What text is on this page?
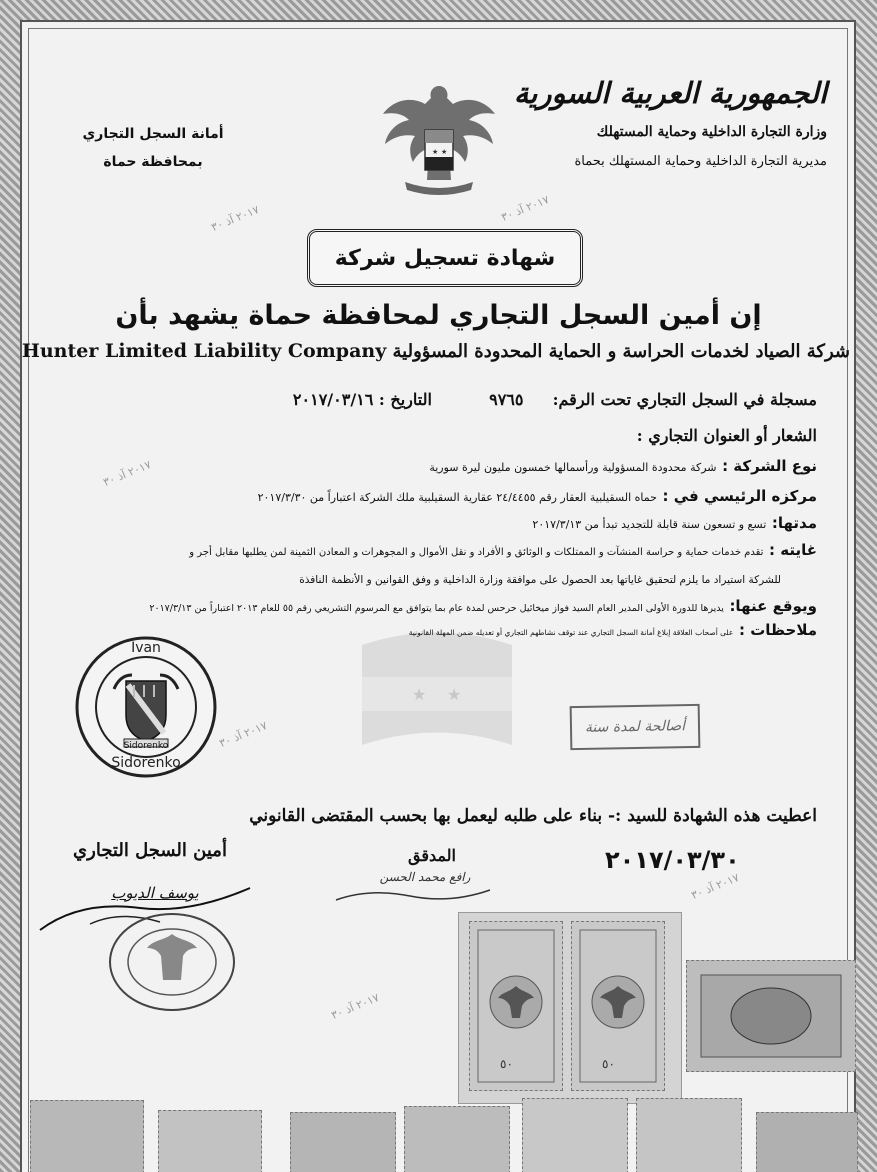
★ ★
الجمهورية العربية السورية
وزارة التجارة الداخلية وحماية المستهلك
مديرية التجارة الداخلية وحماية المستهلك بحماة
★ ★
أمانة السجل التجاري
بمحافظة حماة
٢٠١٧ آذ ٣٠	٢٠١٧ آذ ٣٠
٢٠١٧ آذ ٣٠
٢٠١٧ آذ ٣٠
٢٠١٧ آذ ٣٠
٢٠١٧ آذ ٣٠
شهادة تسجيل شركة
إن أمين السجل التجاري لمحافظة حماة يشهد بأن
شركة الصياد لخدمات الحراسة و الحماية المحدودة المسؤولية Hunter Limited Liability Company
مسجلة في السجل التجاري تحت الرقم:  ٩٧٦٥  التاريخ : ٢٠١٧/٠٣/١٦
الشعار أو العنوان التجاري :
نوع الشركة : شركة محدودة المسؤولية ورأسمالها خمسون مليون ليرة سورية
مركزه الرئيسي في : حماه السقيلبية العقار رقم ٢٤/٤٤٥٥ عقارية السقيلبية ملك الشركة اعتباراً من ٢٠١٧/٣/٣٠
مدتها: تسع و تسعون سنة قابلة للتجديد تبدأ من ٢٠١٧/٣/١٣
غايته : تقدم خدمات حماية و حراسة المنشآت و الممتلكات و الوثائق و الأفراد و نقل الأموال و المجوهرات و المعادن الثمينة لمن يطلبها مقابل أجر و
للشركة استيراد ما يلزم لتحقيق غاياتها بعد الحصول على موافقة وزارة الداخلية و وفق القوانين و الأنظمة النافذة
ويوقع عنها: يديرها للدورة الأولى المدير العام السيد فواز ميخائيل حرحس لمدة عام بما يتوافق مع المرسوم التشريعي رقم ٥٥ للعام ٢٠١٣ اعتباراً من ٢٠١٧/٣/١٣
ملاحظات : على أصحاب العلاقة إبلاغ أمانة السجل التجاري عند توقف نشاطهم التجاري أو تعديله ضمن المهلة القانونية
Ivan
Sidorenko
Sidorenko
أصالحة لمدة سنة
اعطيت هذه الشهادة للسيد :- بناء على طلبه ليعمل بها بحسب المقتضى القانوني
٢٠١٧/٠٣/٣٠
المدقق
رافع محمد الحسن
أمين السجل التجاري
يوسف الديوب
٥٠	٥٠
